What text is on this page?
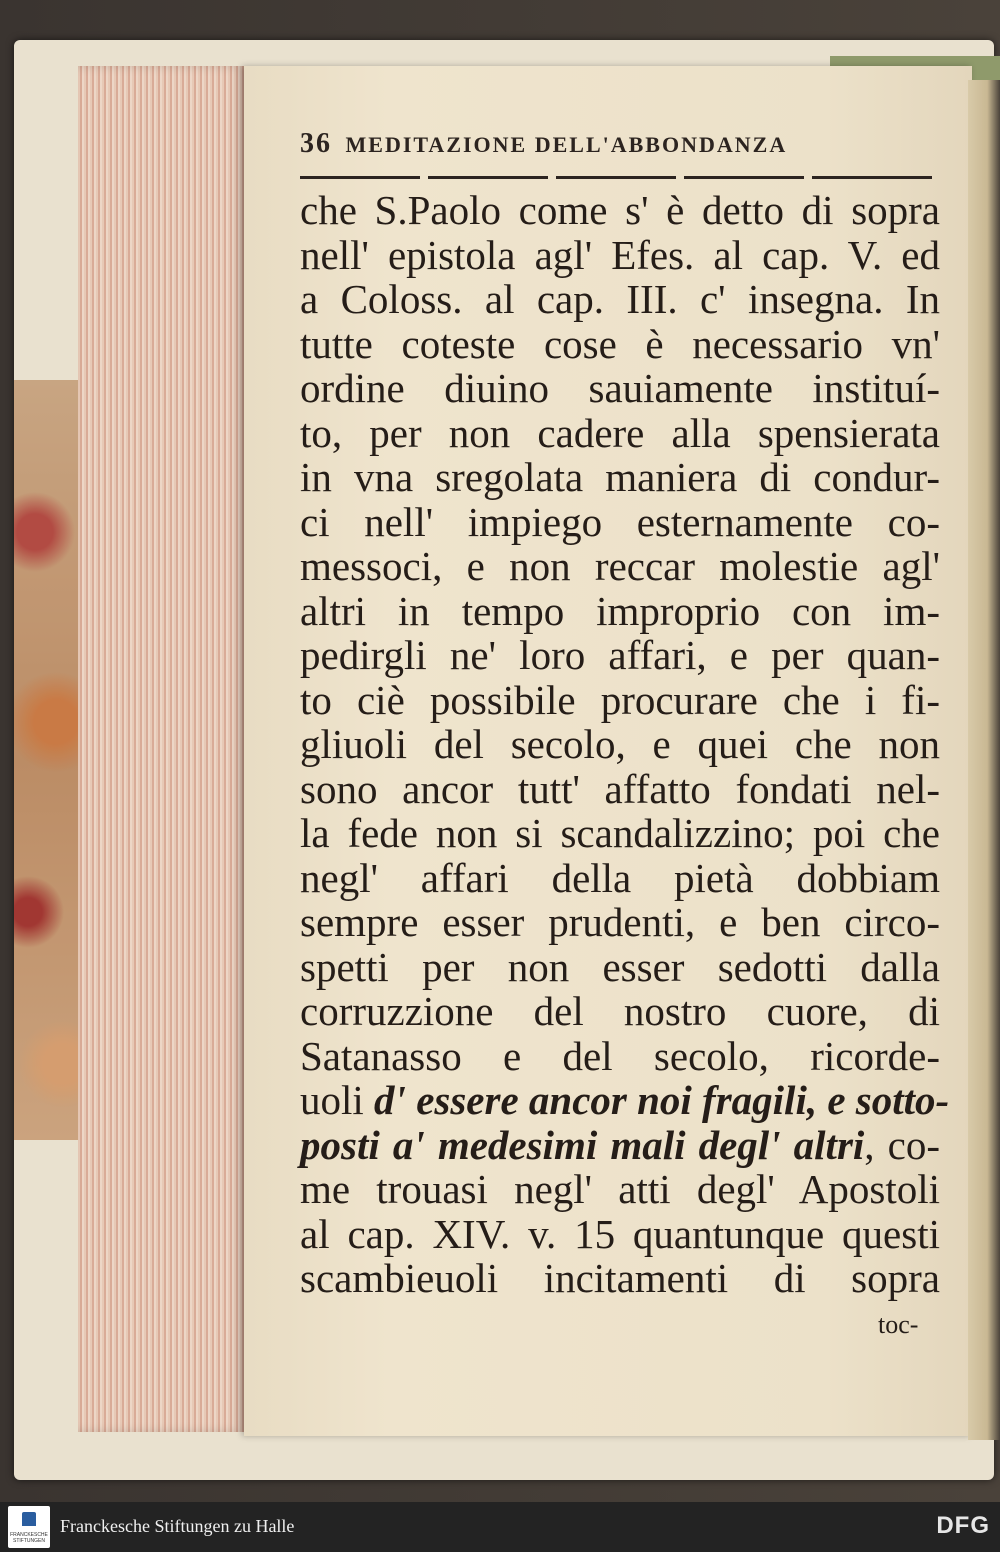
36 MEDITAZIONE DELL'ABBONDANZA
che S.Paolo come s' è detto di sopra
nell' epistola agl' Efes. al cap. V. ed
a Coloss. al cap. III. c' insegna. In
tutte coteste cose è necessario vn'
ordine diuino sauiamente instituí-
to, per non cadere alla spensierata
in vna sregolata maniera di condur-
ci nell' impiego esternamente co-
messoci, e non reccar molestie agl'
altri in tempo improprio con im-
pedirgli ne' loro affari, e per quan-
to ciè possibile procurare che i fi-
gliuoli del secolo, e quei che non
sono ancor tutt' affatto fondati nel-
la fede non si scandalizzino; poi che
negl' affari della pietà dobbiam
sempre esser prudenti, e ben circo-
spetti per non esser sedotti dalla
corruzzione del nostro cuore, di
Satanasso e del secolo, ricorde-
uoli d' essere ancor noi fragili, e sotto-
posti a' medesimi mali degl' altri, co-
me trouasi negl' atti degl' Apostoli
al cap. XIV. v. 15 quantunque questi
scambieuoli incitamenti di sopra
toc-
FRANCKESCHE STIFTUNGEN
Franckesche Stiftungen zu Halle	DFG
